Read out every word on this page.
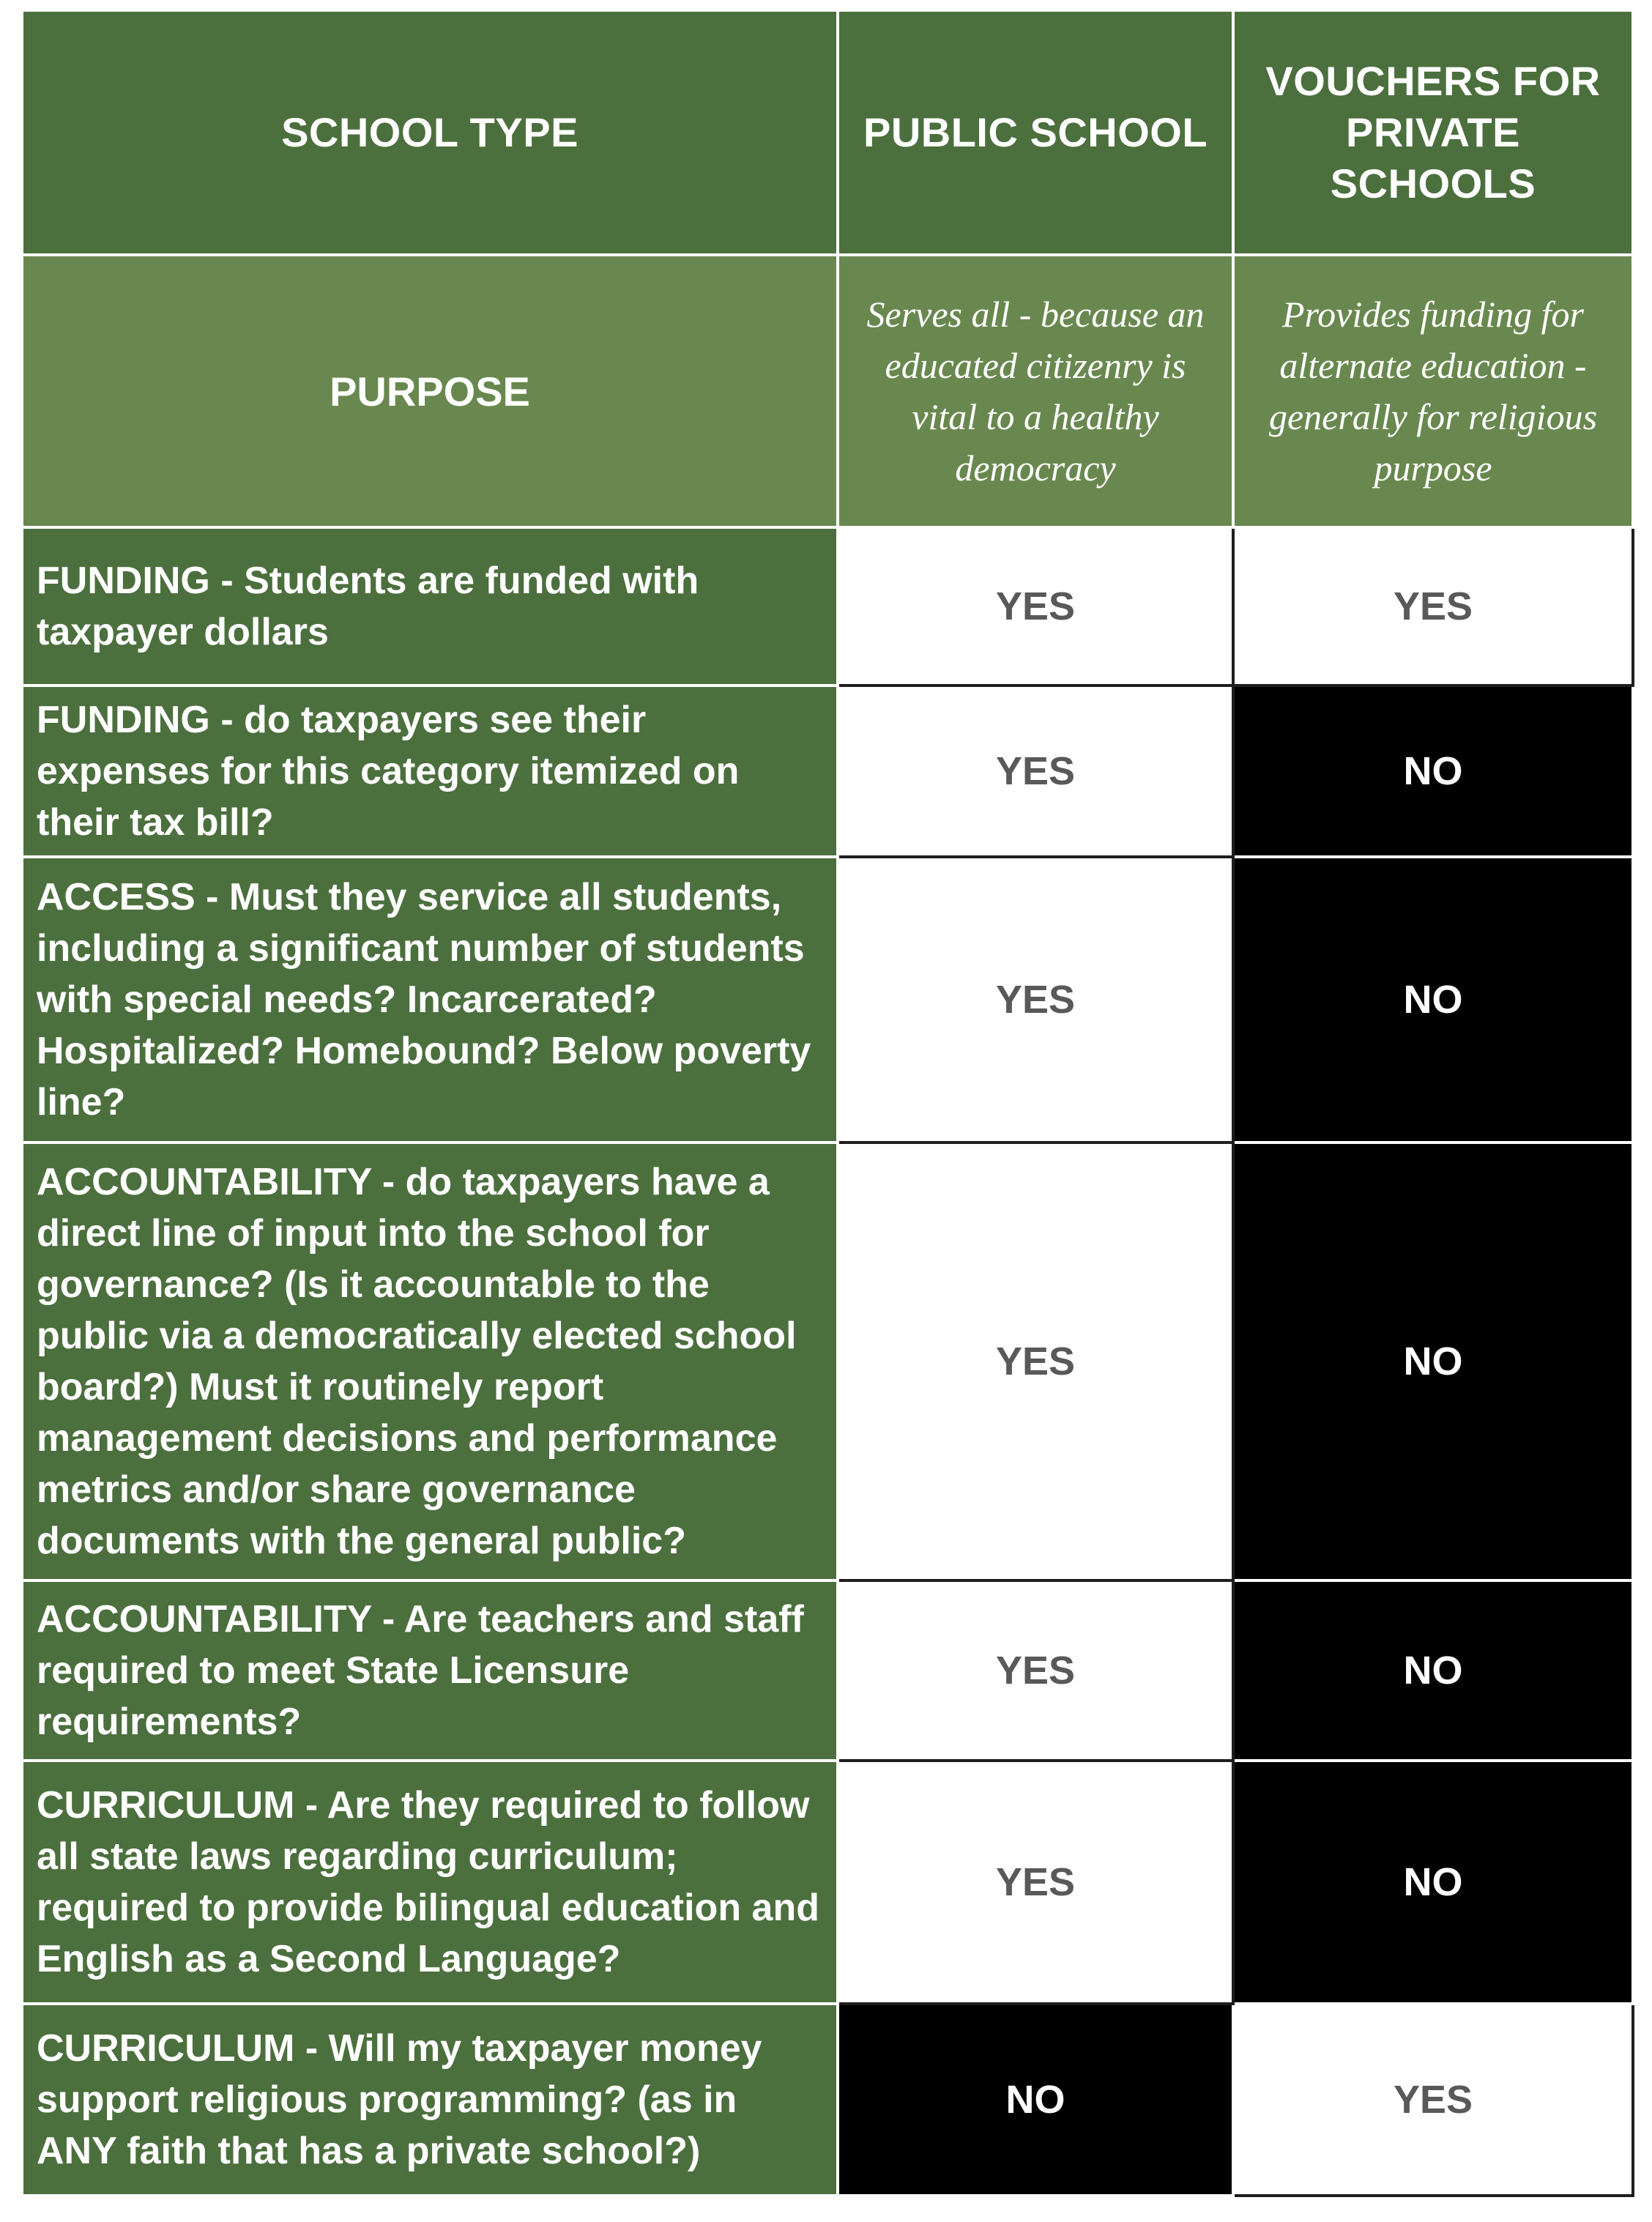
SCHOOL TYPE	PUBLIC SCHOOL	VOUCHERS FOR PRIVATE SCHOOLS
PURPOSE	Serves all - because an educated citizenry is vital to a healthy democracy	Provides funding for alternate education - generally for religious purpose
FUNDING - Students are funded with taxpayer dollars	YES	YES
FUNDING - do taxpayers see their expenses for this category itemized on their tax bill?	YES	NO
ACCESS - Must they service all students, including a significant number of students with special needs? Incarcerated? Hospitalized? Homebound? Below poverty line?	YES	NO
ACCOUNTABILITY - do taxpayers have a direct line of input into the school for governance? (Is it accountable to the public via a democratically elected school board?) Must it routinely report management decisions and performance metrics and/or share governance documents with the general public?	YES	NO
ACCOUNTABILITY - Are teachers and staff required to meet State Licensure requirements?	YES	NO
CURRICULUM - Are they required to follow all state laws regarding curriculum; required to provide bilingual education and English as a Second Language?	YES	NO
CURRICULUM - Will my taxpayer money support religious programming? (as in ANY faith that has a private school?)	NO	YES
